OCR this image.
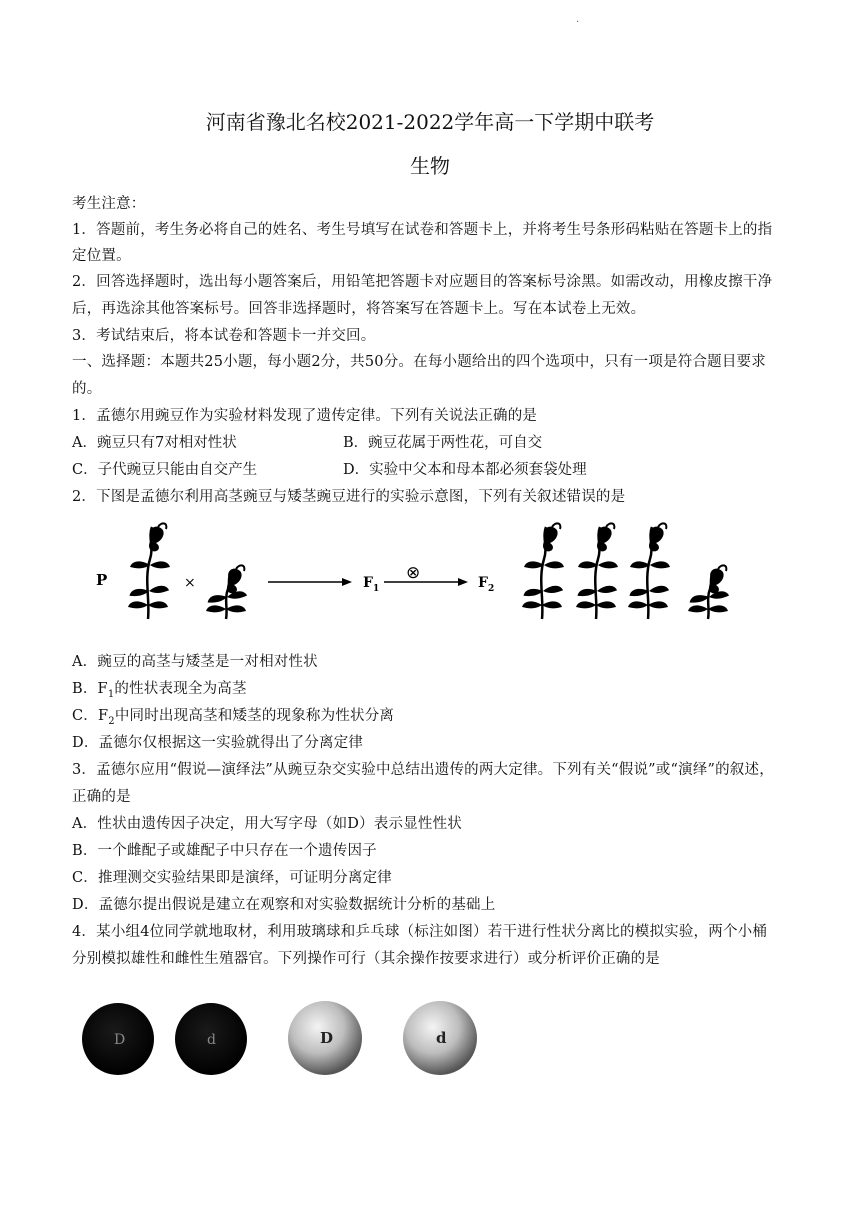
.
河南省豫北名校2021-2022学年高一下学期中联考
生物
考生注意：
1．答题前，考生务必将自己的姓名、考生号填写在试卷和答题卡上，并将考生号条形码粘贴在答题卡上的指
定位置。
2．回答选择题时，选出每小题答案后，用铅笔把答题卡对应题目的答案标号涂黑。如需改动，用橡皮擦干净
后，再选涂其他答案标号。回答非选择题时，将答案写在答题卡上。写在本试卷上无效。
3．考试结束后，将本试卷和答题卡一并交回。
一、选择题：本题共25小题，每小题2分，共50分。在每小题给出的四个选项中，只有一项是符合题目要求
的。
1．孟德尔用豌豆作为实验材料发现了遗传定律。下列有关说法正确的是
A．豌豆只有7对相对性状	B．豌豆花属于两性花，可自交
C．子代豌豆只能由自交产生	D．实验中父本和母本都必须套袋处理
2．下图是孟德尔利用高茎豌豆与矮茎豌豆进行的实验示意图，下列有关叙述错误的是
P	×	$F_1$
⊗	$F_2$
A．豌豆的高茎与矮茎是一对相对性状
B．$F_1$的性状表现全为高茎
C．$F_2$中同时出现高茎和矮茎的现象称为性状分离
D．孟德尔仅根据这一实验就得出了分离定律
3．孟德尔应用“假说—演绎法”从豌豆杂交实验中总结出遗传的两大定律。下列有关“假说”或“演绎”的叙述，
正确的是
A．性状由遗传因子决定，用大写字母（如D）表示显性性状
B．一个雌配子或雄配子中只存在一个遗传因子
C．推理测交实验结果即是演绎，可证明分离定律
D．孟德尔提出假说是建立在观察和对实验数据统计分析的基础上
4．某小组4位同学就地取材，利用玻璃球和乒乓球（标注如图）若干进行性状分离比的模拟实验，两个小桶
分别模拟雄性和雌性生殖器官。下列操作可行（其余操作按要求进行）或分析评价正确的是
D	d	D	d
